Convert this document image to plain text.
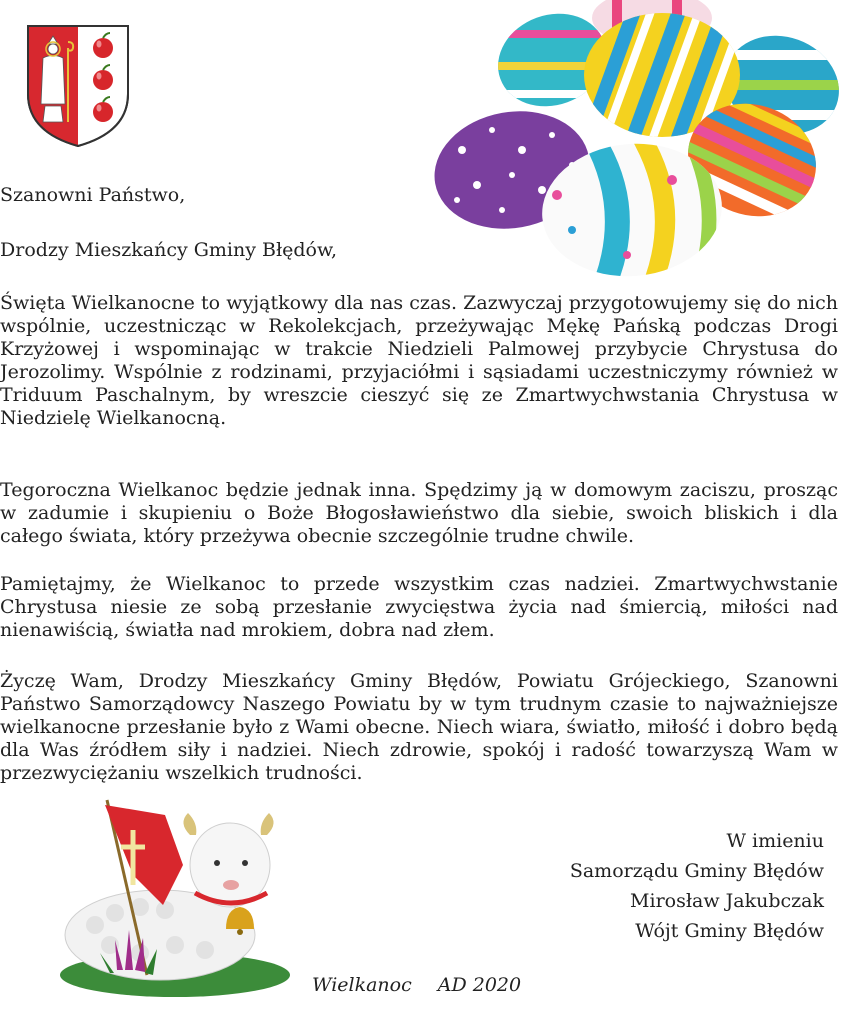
Szanowni Państwo,

Drodzy Mieszkańcy Gminy Błędów,

Święta Wielkanocne to wyjątkowy dla nas czas. Zazwyczaj przygotowujemy się do nich wspólnie, uczestnicząc w Rekolekcjach, przeżywając Mękę Pańską podczas Drogi Krzyżowej i wspominając w trakcie Niedzieli Palmowej przybycie Chrystusa do Jerozolimy. Wspólnie z rodzinami, przyjaciółmi i sąsiadami uczestniczymy również w Triduum Paschalnym, by wreszcie cieszyć się ze Zmartwychwstania Chrystusa w Niedzielę Wielkanocną.

Tegoroczna Wielkanoc będzie jednak inna. Spędzimy ją w domowym zaciszu, prosząc w zadumie i skupieniu o Boże Błogosławieństwo dla siebie, swoich bliskich i dla całego świata, który przeżywa obecnie szczególnie trudne chwile.

Pamiętajmy, że Wielkanoc to przede wszystkim czas nadziei. Zmartwychwstanie Chrystusa niesie ze sobą przesłanie zwycięstwa życia nad śmiercią, miłości nad nienawiścią, światła nad mrokiem, dobra nad złem.

Życzę Wam, Drodzy Mieszkańcy Gminy Błędów, Powiatu Grójeckiego, Szanowni Państwo Samorządowcy Naszego Powiatu by w tym trudnym czasie to najważniejsze wielkanocne przesłanie było z Wami obecne. Niech wiara, światło, miłość i dobro będą dla Was źródłem siły i nadziei. Niech zdrowie, spokój i radość towarzyszą Wam w przezwyciężaniu wszelkich trudności.

W imieniu
Samorządu Gminy Błędów
Mirosław Jakubczak
Wójt Gminy Błędów
Wielkanoc AD 2020
